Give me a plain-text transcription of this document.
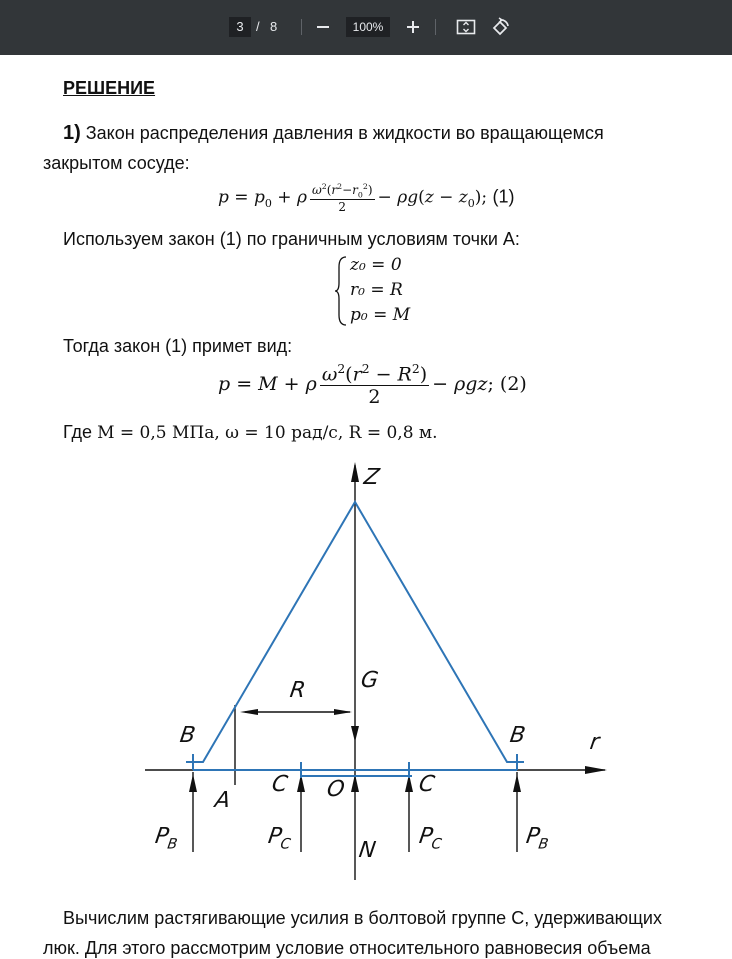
3 / 8	100%
РЕШЕНИЕ
1) Закон распределения давления в жидкости во вращающемся
закрытом сосуде:
$p = p_0 + \rho \frac{\omega^2(r^2-r_0^2)}{2} - \rho g(z - z_0)$; (1)
Используем закон (1) по граничным условиям точки А:
z₀ = 0
r₀ = R
p₀ = M
Тогда закон (1) примет вид:
p = M + ρ $\frac{\omega^2(r^2 - R^2)}{2} - \rho gz$; (2)
Где M = 0,5 МПа, ω = 10 рад/с, R = 0,8 м.
Z
r
G
R
B	B
A
C	C
O
N
$P_B$	$P_C$	$P_C$	$P_B$
Вычислим растягивающие усилия в болтовой группе С, удерживающих
люк. Для этого рассмотрим условие относительного равновесия объема
